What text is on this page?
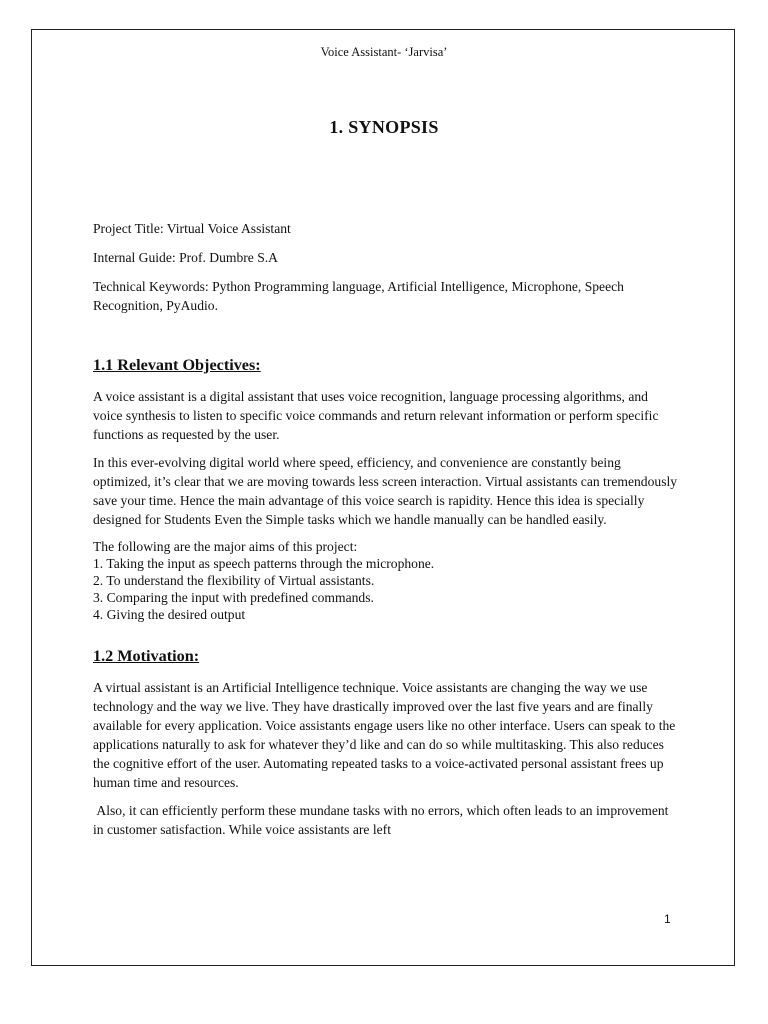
Voice Assistant- ‘Jarvisa’
1. SYNOPSIS

Project Title: Virtual Voice Assistant

Internal Guide: Prof. Dumbre S.A

Technical Keywords: Python Programming language, Artificial Intelligence, Microphone, Speech Recognition, PyAudio.

1.1 Relevant Objectives:

A voice assistant is a digital assistant that uses voice recognition, language processing algorithms, and voice synthesis to listen to specific voice commands and return relevant information or perform specific functions as requested by the user.

In this ever-evolving digital world where speed, efficiency, and convenience are constantly being optimized, it’s clear that we are moving towards less screen interaction. Virtual assistants can tremendously save your time. Hence the main advantage of this voice search is rapidity. Hence this idea is specially designed for Students Even the Simple tasks which we handle manually can be handled easily.

The following are the major aims of this project:

1. Taking the input as speech patterns through the microphone.
2. To understand the flexibility of Virtual assistants.
3. Comparing the input with predefined commands.
4. Giving the desired output
1.2 Motivation:

A virtual assistant is an Artificial Intelligence technique. Voice assistants are changing the way we use technology and the way we live. They have drastically improved over the last five years and are finally available for every application. Voice assistants engage users like no other interface. Users can speak to the applications naturally to ask for whatever they’d like and can do so while multitasking. This also reduces the cognitive effort of the user. Automating repeated tasks to a voice-activated personal assistant frees up human time and resources.

Also, it can efficiently perform these mundane tasks with no errors, which often leads to an improvement in customer satisfaction. While voice assistants are left

1
